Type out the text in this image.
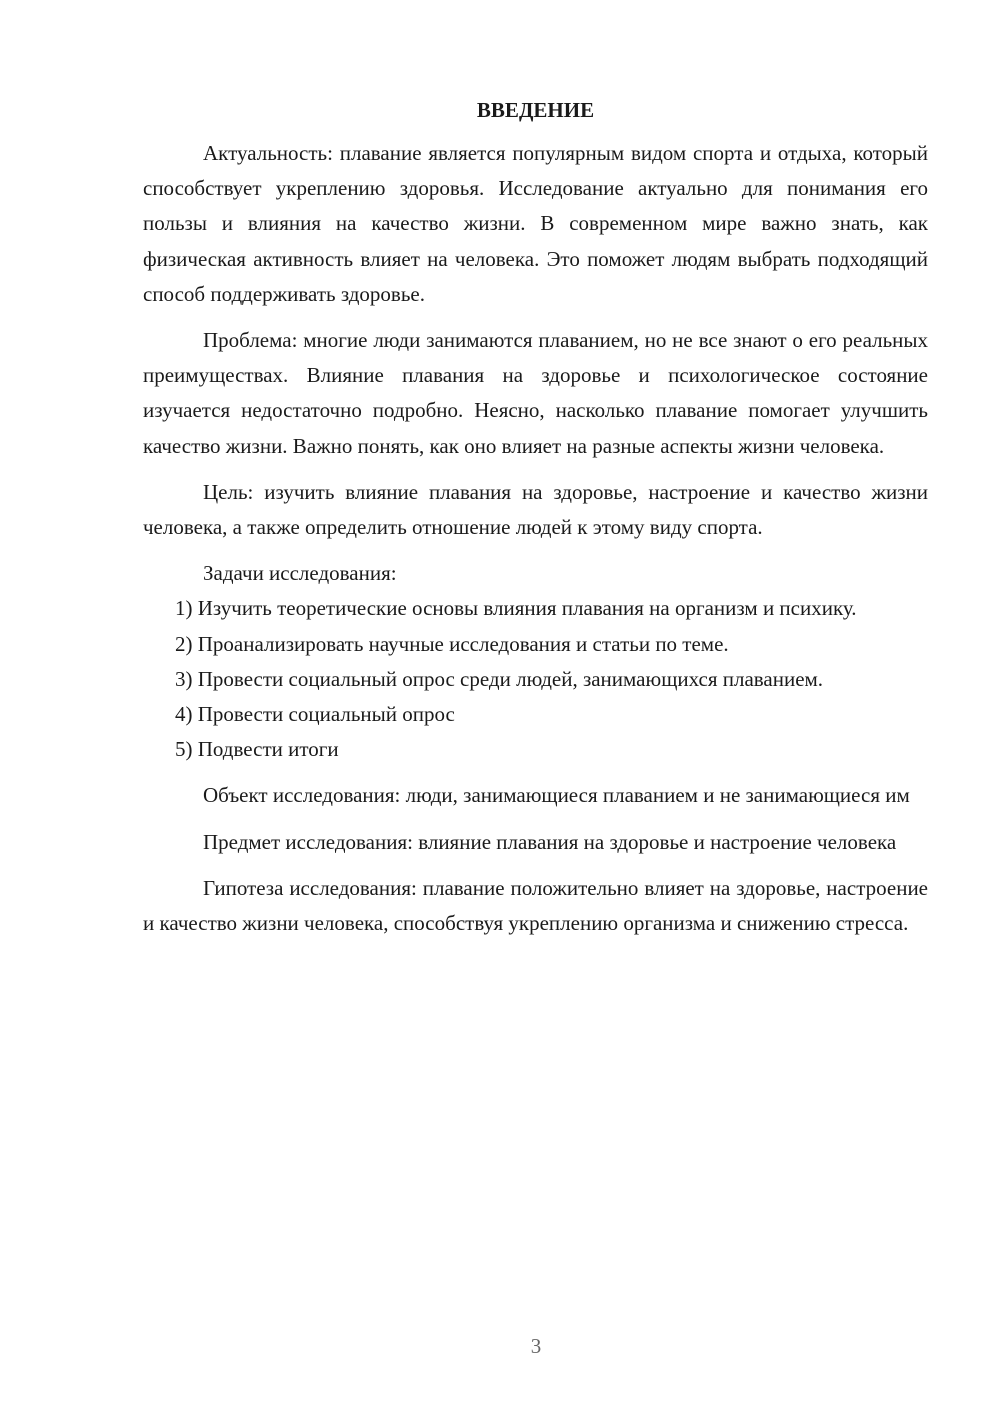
ВВЕДЕНИЕ

Актуальность: плавание является популярным видом спорта и отдыха, который способствует укреплению здоровья. Исследование актуально для понимания его пользы и влияния на качество жизни. В современном мире важно знать, как физическая активность влияет на человека. Это поможет людям выбрать подходящий способ поддерживать здоровье.

Проблема: многие люди занимаются плаванием, но не все знают о его реальных преимуществах. Влияние плавания на здоровье и психологическое состояние изучается недостаточно подробно. Неясно, насколько плавание помогает улучшить качество жизни. Важно понять, как оно влияет на разные аспекты жизни человека.

Цель: изучить влияние плавания на здоровье, настроение и качество жизни человека, а также определить отношение людей к этому виду спорта.

Задачи исследования:

1) Изучить теоретические основы влияния плавания на организм и психику.

2) Проанализировать научные исследования и статьи по теме.

3) Провести социальный опрос среди людей, занимающихся плаванием.

4) Провести социальный опрос

5) Подвести итоги

Объект исследования: люди, занимающиеся плаванием и не занимающиеся им

Предмет исследования: влияние плавания на здоровье и настроение человека

Гипотеза исследования: плавание положительно влияет на здоровье, настроение и качество жизни человека, способствуя укреплению организма и снижению стресса.

3
